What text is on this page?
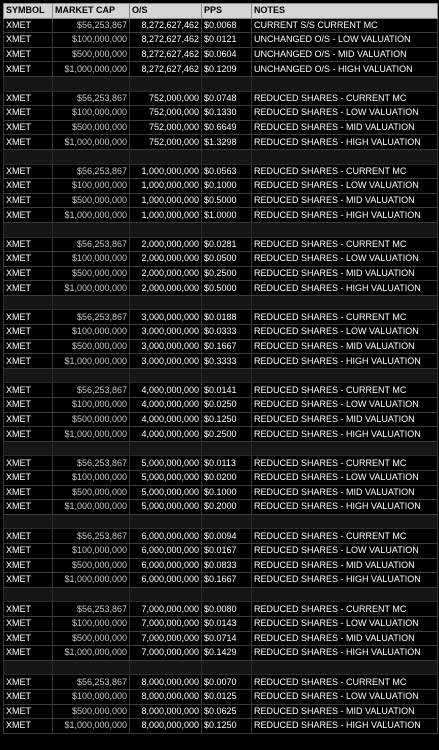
SYMBOL	MARKET CAP	O/S	PPS	NOTES
XMET	$56,253,867	8,272,627,462	$0.0068	CURRENT S/S CURRENT MC
XMET	$100,000,000	8,272,627,462	$0.0121	UNCHANGED O/S - LOW VALUATION
XMET	$500,000,000	8,272,627,462	$0.0604	UNCHANGED O/S - MID VALUATION
XMET	$1,000,000,000	8,272,627,462	$0.1209	UNCHANGED O/S - HIGH VALUATION

XMET	$56,253,867	752,000,000	$0.0748	REDUCED SHARES - CURRENT MC
XMET	$100,000,000	752,000,000	$0.1330	REDUCED SHARES - LOW VALUATION
XMET	$500,000,000	752,000,000	$0.6649	REDUCED SHARES - MID VALUATION
XMET	$1,000,000,000	752,000,000	$1.3298	REDUCED SHARES - HIGH VALUATION

XMET	$56,253,867	1,000,000,000	$0.0563	REDUCED SHARES - CURRENT MC
XMET	$100,000,000	1,000,000,000	$0.1000	REDUCED SHARES - LOW VALUATION
XMET	$500,000,000	1,000,000,000	$0.5000	REDUCED SHARES - MID VALUATION
XMET	$1,000,000,000	1,000,000,000	$1.0000	REDUCED SHARES - HIGH VALUATION

XMET	$56,253,867	2,000,000,000	$0.0281	REDUCED SHARES - CURRENT MC
XMET	$100,000,000	2,000,000,000	$0.0500	REDUCED SHARES - LOW VALUATION
XMET	$500,000,000	2,000,000,000	$0.2500	REDUCED SHARES - MID VALUATION
XMET	$1,000,000,000	2,000,000,000	$0.5000	REDUCED SHARES - HIGH VALUATION

XMET	$56,253,867	3,000,000,000	$0.0188	REDUCED SHARES - CURRENT MC
XMET	$100,000,000	3,000,000,000	$0.0333	REDUCED SHARES - LOW VALUATION
XMET	$500,000,000	3,000,000,000	$0.1667	REDUCED SHARES - MID VALUATION
XMET	$1,000,000,000	3,000,000,000	$0.3333	REDUCED SHARES - HIGH VALUATION

XMET	$56,253,867	4,000,000,000	$0.0141	REDUCED SHARES - CURRENT MC
XMET	$100,000,000	4,000,000,000	$0.0250	REDUCED SHARES - LOW VALUATION
XMET	$500,000,000	4,000,000,000	$0.1250	REDUCED SHARES - MID VALUATION
XMET	$1,000,000,000	4,000,000,000	$0.2500	REDUCED SHARES - HIGH VALUATION

XMET	$56,253,867	5,000,000,000	$0.0113	REDUCED SHARES - CURRENT MC
XMET	$100,000,000	5,000,000,000	$0.0200	REDUCED SHARES - LOW VALUATION
XMET	$500,000,000	5,000,000,000	$0.1000	REDUCED SHARES - MID VALUATION
XMET	$1,000,000,000	5,000,000,000	$0.2000	REDUCED SHARES - HIGH VALUATION

XMET	$56,253,867	6,000,000,000	$0.0094	REDUCED SHARES - CURRENT MC
XMET	$100,000,000	6,000,000,000	$0.0167	REDUCED SHARES - LOW VALUATION
XMET	$500,000,000	6,000,000,000	$0.0833	REDUCED SHARES - MID VALUATION
XMET	$1,000,000,000	6,000,000,000	$0.1667	REDUCED SHARES - HIGH VALUATION

XMET	$56,253,867	7,000,000,000	$0.0080	REDUCED SHARES - CURRENT MC
XMET	$100,000,000	7,000,000,000	$0.0143	REDUCED SHARES - LOW VALUATION
XMET	$500,000,000	7,000,000,000	$0.0714	REDUCED SHARES - MID VALUATION
XMET	$1,000,000,000	7,000,000,000	$0.1429	REDUCED SHARES - HIGH VALUATION

XMET	$56,253,867	8,000,000,000	$0.0070	REDUCED SHARES - CURRENT MC
XMET	$100,000,000	8,000,000,000	$0.0125	REDUCED SHARES - LOW VALUATION
XMET	$500,000,000	8,000,000,000	$0.0625	REDUCED SHARES - MID VALUATION
XMET	$1,000,000,000	8,000,000,000	$0.1250	REDUCED SHARES - HIGH VALUATION
